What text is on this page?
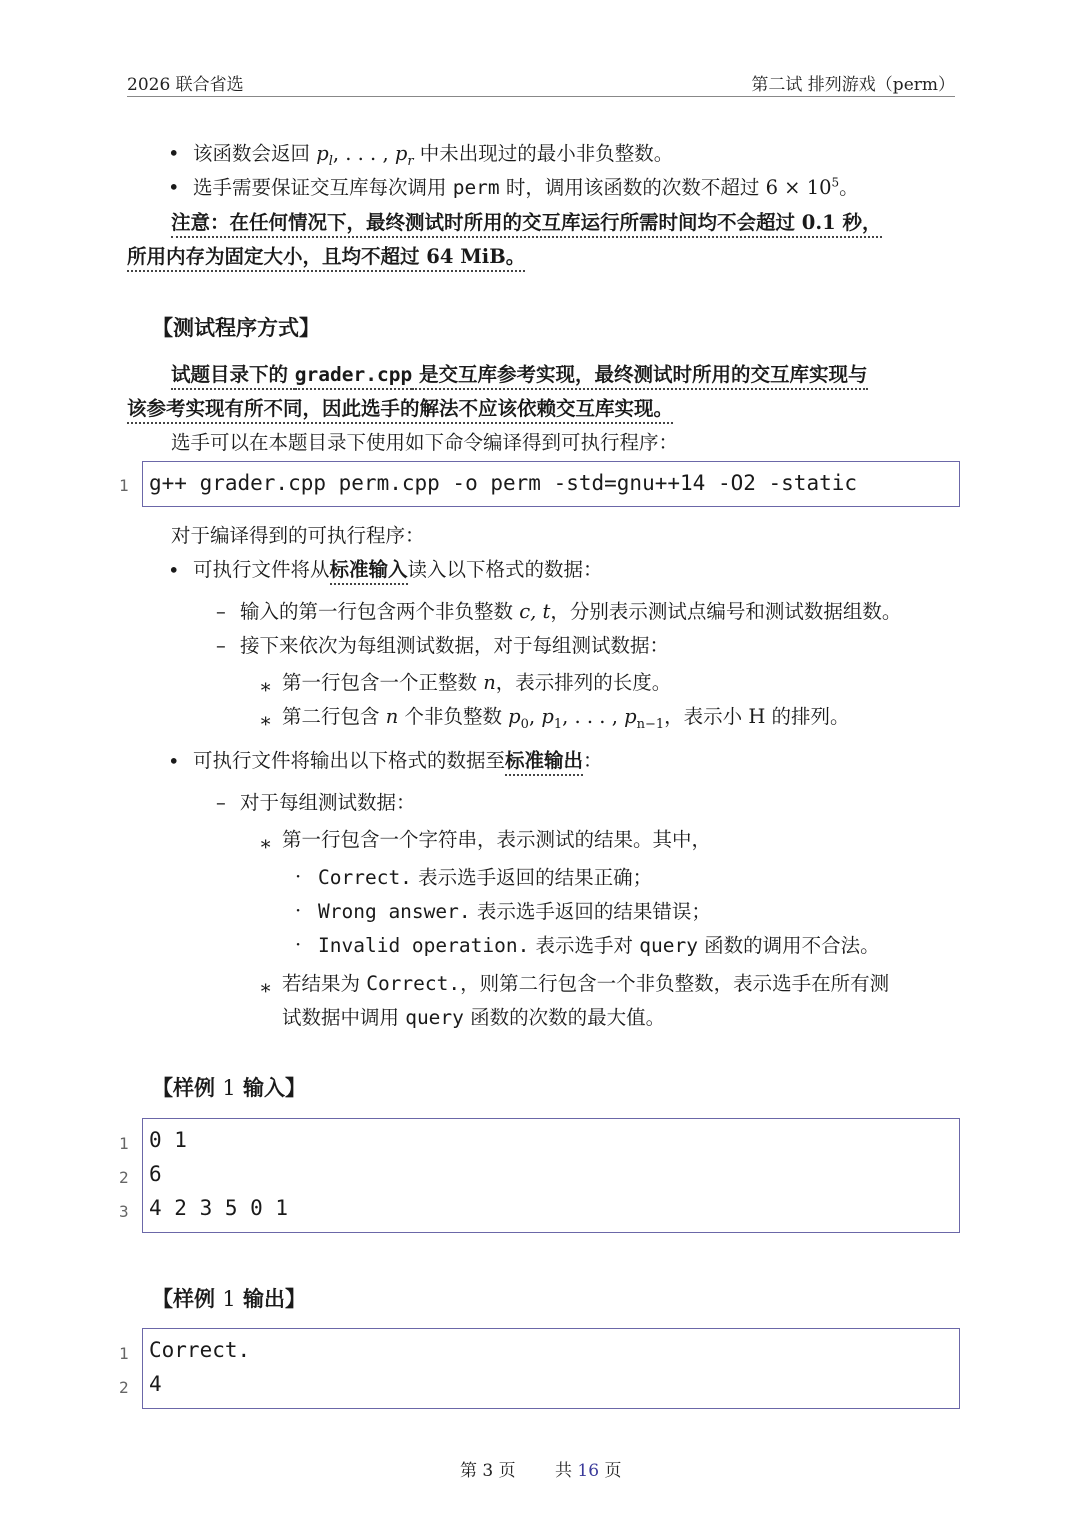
2026 联合省选	第二试 排列游戏（perm）
• 该函数会返回 $p_l$, . . . , $p_r$ 中未出现过的最小非负整数。
• 选手需要保证交互库每次调用 perm 时，调用该函数的次数不超过 $6 \times 10^5$。
注意：在任何情况下，最终测试时所用的交互库运行所需时间均不会超过 0.1 秒，
所用内存为固定大小，且均不超过 64 MiB。
【测试程序方式】
试题目录下的 grader.cpp 是交互库参考实现，最终测试时所用的交互库实现与
该参考实现有所不同，因此选手的解法不应该依赖交互库实现。
选手可以在本题目录下使用如下命令编译得到可执行程序：
1 g++ grader.cpp perm.cpp -o perm -std=gnu++14 -O2 -static
对于编译得到的可执行程序：
• 可执行文件将从标准输入读入以下格式的数据：
– 输入的第一行包含两个非负整数 c, t，分别表示测试点编号和测试数据组数。
– 接下来依次为每组测试数据，对于每组测试数据：
∗ 第一行包含一个正整数 n，表示排列的长度。
∗ 第二行包含 n 个非负整数 $p_0$, $p_1$, . . . , $p_{n-1}$，表示小 H 的排列。
• 可执行文件将输出以下格式的数据至标准输出：
– 对于每组测试数据：
∗ 第一行包含一个字符串，表示测试的结果。其中，
· Correct. 表示选手返回的结果正确；
· Wrong answer. 表示选手返回的结果错误；
· Invalid operation. 表示选手对 query 函数的调用不合法。
∗ 若结果为 Correct.，则第二行包含一个非负整数，表示选手在所有测
试数据中调用 query 函数的次数的最大值。
【样例 1 输入】
1
2
3
0 1
6
4 2 3 5 0 1
【样例 1 输出】
1
2
Correct.
4
第 3 页 共 16 页
